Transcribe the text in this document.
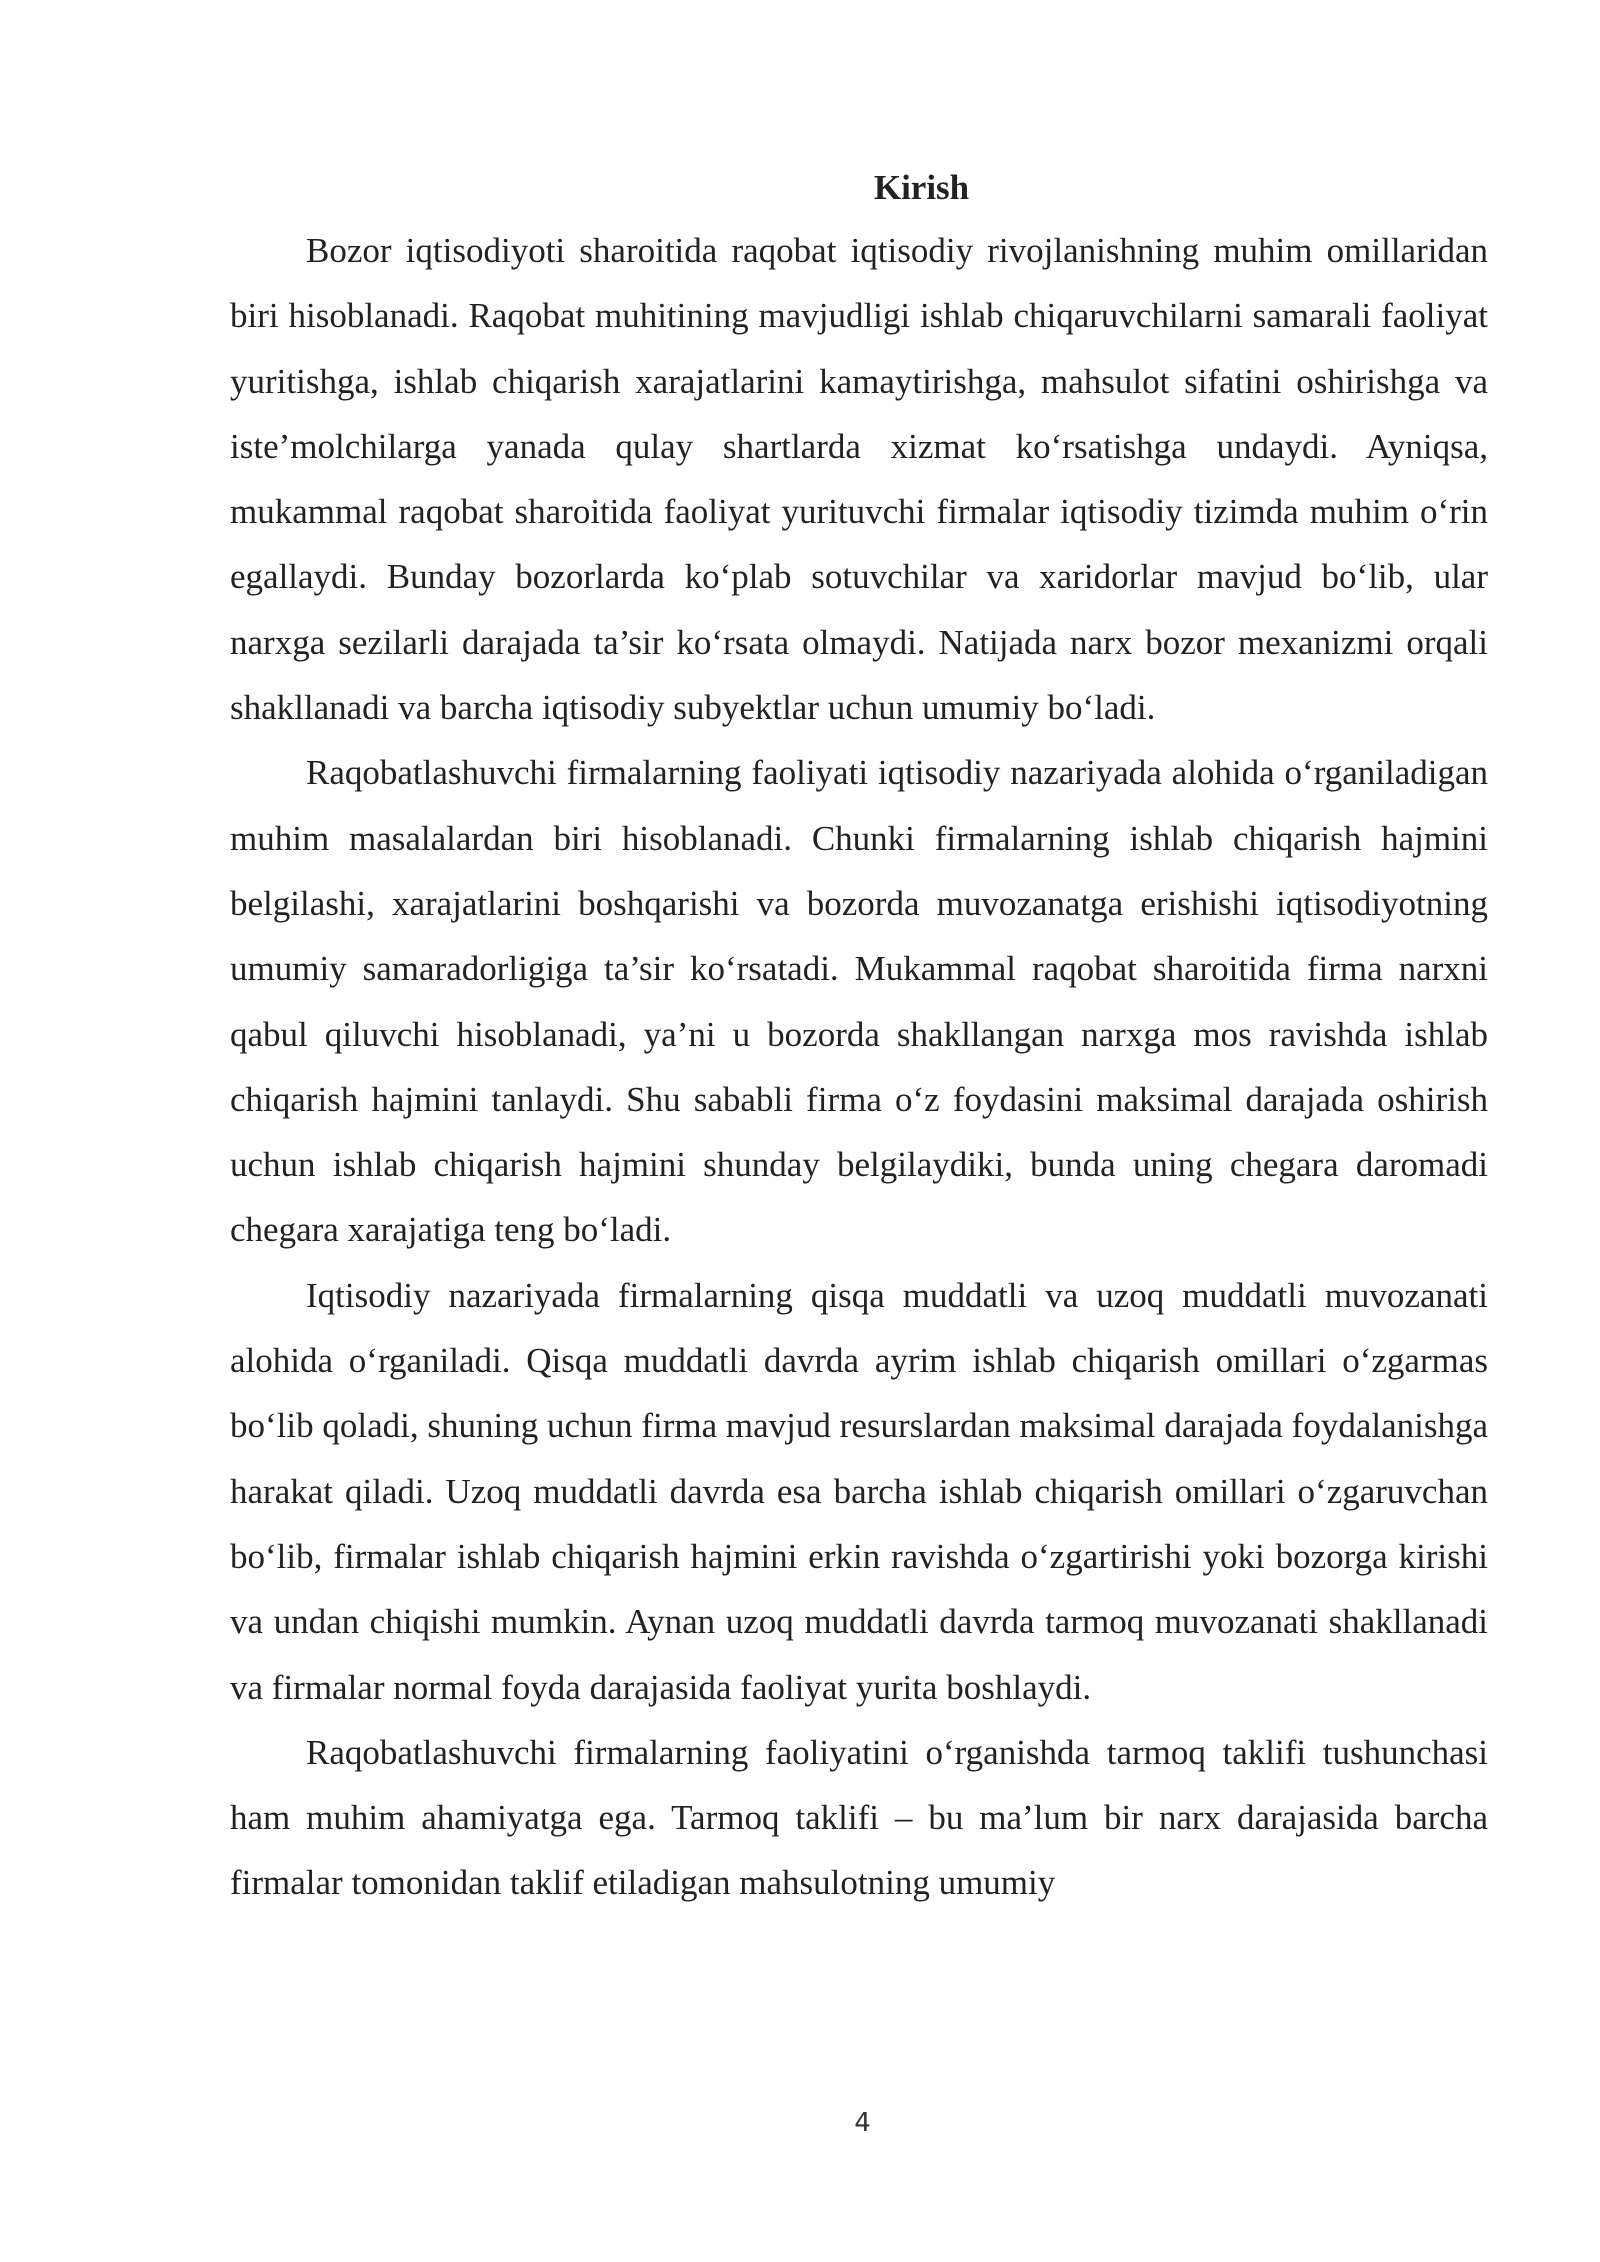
Kirish

Bozor iqtisodiyoti sharoitida raqobat iqtisodiy rivojlanishning muhim omillaridan biri hisoblanadi. Raqobat muhitining mavjudligi ishlab chiqaruvchilarni samarali faoliyat yuritishga, ishlab chiqarish xarajatlarini kamaytirishga, mahsulot sifatini oshirishga va iste’molchilarga yanada qulay shartlarda xizmat ko‘rsatishga undaydi. Ayniqsa, mukammal raqobat sharoitida faoliyat yurituvchi firmalar iqtisodiy tizimda muhim o‘rin egallaydi. Bunday bozorlarda ko‘plab sotuvchilar va xaridorlar mavjud bo‘lib, ular narxga sezilarli darajada ta’sir ko‘rsata olmaydi. Natijada narx bozor mexanizmi orqali shakllanadi va barcha iqtisodiy subyektlar uchun umumiy bo‘ladi.

Raqobatlashuvchi firmalarning faoliyati iqtisodiy nazariyada alohida o‘rganiladigan muhim masalalardan biri hisoblanadi. Chunki firmalarning ishlab chiqarish hajmini belgilashi, xarajatlarini boshqarishi va bozorda muvozanatga erishishi iqtisodiyotning umumiy samaradorligiga ta’sir ko‘rsatadi. Mukammal raqobat sharoitida firma narxni qabul qiluvchi hisoblanadi, ya’ni u bozorda shakllangan narxga mos ravishda ishlab chiqarish hajmini tanlaydi. Shu sababli firma o‘z foydasini maksimal darajada oshirish uchun ishlab chiqarish hajmini shunday belgilaydiki, bunda uning chegara daromadi chegara xarajatiga teng bo‘ladi.

Iqtisodiy nazariyada firmalarning qisqa muddatli va uzoq muddatli muvozanati alohida o‘rganiladi. Qisqa muddatli davrda ayrim ishlab chiqarish omillari o‘zgarmas bo‘lib qoladi, shuning uchun firma mavjud resurslardan maksimal darajada foydalanishga harakat qiladi. Uzoq muddatli davrda esa barcha ishlab chiqarish omillari o‘zgaruvchan bo‘lib, firmalar ishlab chiqarish hajmini erkin ravishda o‘zgartirishi yoki bozorga kirishi va undan chiqishi mumkin. Aynan uzoq muddatli davrda tarmoq muvozanati shakllanadi va firmalar normal foyda darajasida faoliyat yurita boshlaydi.

Raqobatlashuvchi firmalarning faoliyatini o‘rganishda tarmoq taklifi tushunchasi ham muhim ahamiyatga ega. Tarmoq taklifi – bu ma’lum bir narx darajasida barcha firmalar tomonidan taklif etiladigan mahsulotning umumiy

4
